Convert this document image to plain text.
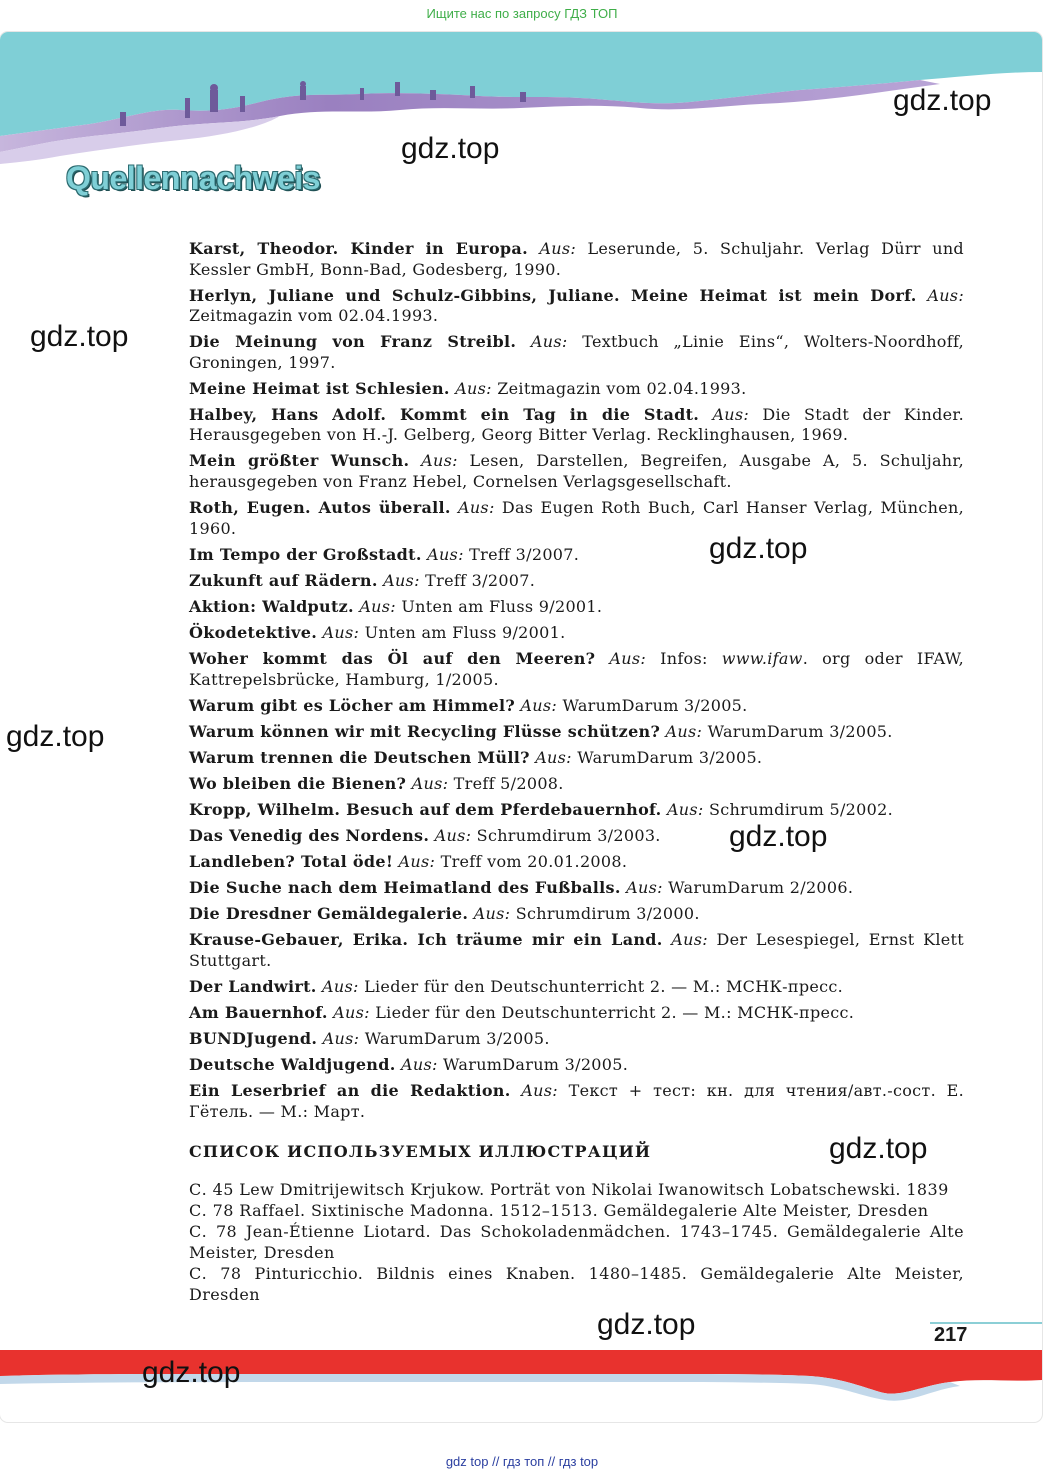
Ищите нас по запросу ГДЗ ТОП
Quellennachweis

Karst, Theodor. Kinder in Europa. Aus: Leserunde, 5. Schuljahr. Verlag Dürr und Kessler GmbH, Bonn-Bad, Godesberg, 1990.

Herlyn, Juliane und Schulz-Gibbins, Juliane. Meine Heimat ist mein Dorf. Aus: Zeitmagazin vom 02.04.1993.

Die Meinung von Franz Streibl. Aus: Textbuch „Linie Eins“, Wolters-Noordhoff, Groningen, 1997.

Meine Heimat ist Schlesien. Aus: Zeitmagazin vom 02.04.1993.

Halbey, Hans Adolf. Kommt ein Tag in die Stadt. Aus: Die Stadt der Kinder. Herausgegeben von H.-J. Gelberg, Georg Bitter Verlag. Recklinghausen, 1969.

Mein größter Wunsch. Aus: Lesen, Darstellen, Begreifen, Ausgabe A, 5. Schuljahr, herausgegeben von Franz Hebel, Cornelsen Verlagsgesellschaft.

Roth, Eugen. Autos überall. Aus: Das Eugen Roth Buch, Carl Hanser Verlag, München, 1960.

Im Tempo der Großstadt. Aus: Treff 3/2007.

Zukunft auf Rädern. Aus: Treff 3/2007.

Aktion: Waldputz. Aus: Unten am Fluss 9/2001.

Ökodetektive. Aus: Unten am Fluss 9/2001.

Woher kommt das Öl auf den Meeren? Aus: Infos: www.ifaw. org oder IFAW, Kattrepelsbrücke, Hamburg, 1/2005.

Warum gibt es Löcher am Himmel? Aus: WarumDarum 3/2005.

Warum können wir mit Recycling Flüsse schützen? Aus: WarumDarum 3/2005.

Warum trennen die Deutschen Müll? Aus: WarumDarum 3/2005.

Wo bleiben die Bienen? Aus: Treff 5/2008.

Kropp, Wilhelm. Besuch auf dem Pferdebauernhof. Aus: Schrumdirum 5/2002.

Das Venedig des Nordens. Aus: Schrumdirum 3/2003.

Landleben? Total öde! Aus: Treff vom 20.01.2008.

Die Suche nach dem Heimatland des Fußballs. Aus: WarumDarum 2/2006.

Die Dresdner Gemäldegalerie. Aus: Schrumdirum 3/2000.

Krause-Gebauer, Erika. Ich träume mir ein Land. Aus: Der Lesespiegel, Ernst Klett Stuttgart.

Der Landwirt. Aus: Lieder für den Deutschunterricht 2. — M.: МСНК-пресс.

Am Bauernhof. Aus: Lieder für den Deutschunterricht 2. — M.: МСНК-пресс.

BUNDJugend. Aus: WarumDarum 3/2005.

Deutsche Waldjugend. Aus: WarumDarum 3/2005.

Ein Leserbrief an die Redaktion. Aus: Текст + тест: кн. для чтения/авт.-сост. Е. Гётель. — М.: Март.

СПИСОК ИСПОЛЬЗУЕМЫХ ИЛЛЮСТРАЦИЙ

С. 45 Lew Dmitrijewitsch Krjukow. Porträt von Nikolai Iwanowitsch Lobatschewski. 1839

С. 78 Raffael. Sixtinische Madonna. 1512–1513. Gemäldegalerie Alte Meister, Dresden

С. 78 Jean-Étienne Liotard. Das Schokoladenmädchen. 1743–1745. Gemäldegalerie Alte Meister, Dresden

С. 78 Pinturicchio. Bildnis eines Knaben. 1480–1485. Gemäldegalerie Alte Meister, Dresden

217
gdz.top
gdz.top
gdz.top
gdz.top
gdz.top
gdz.top
gdz.top
gdz.top
gdz.top
gdz top // гдз топ // гдз top
